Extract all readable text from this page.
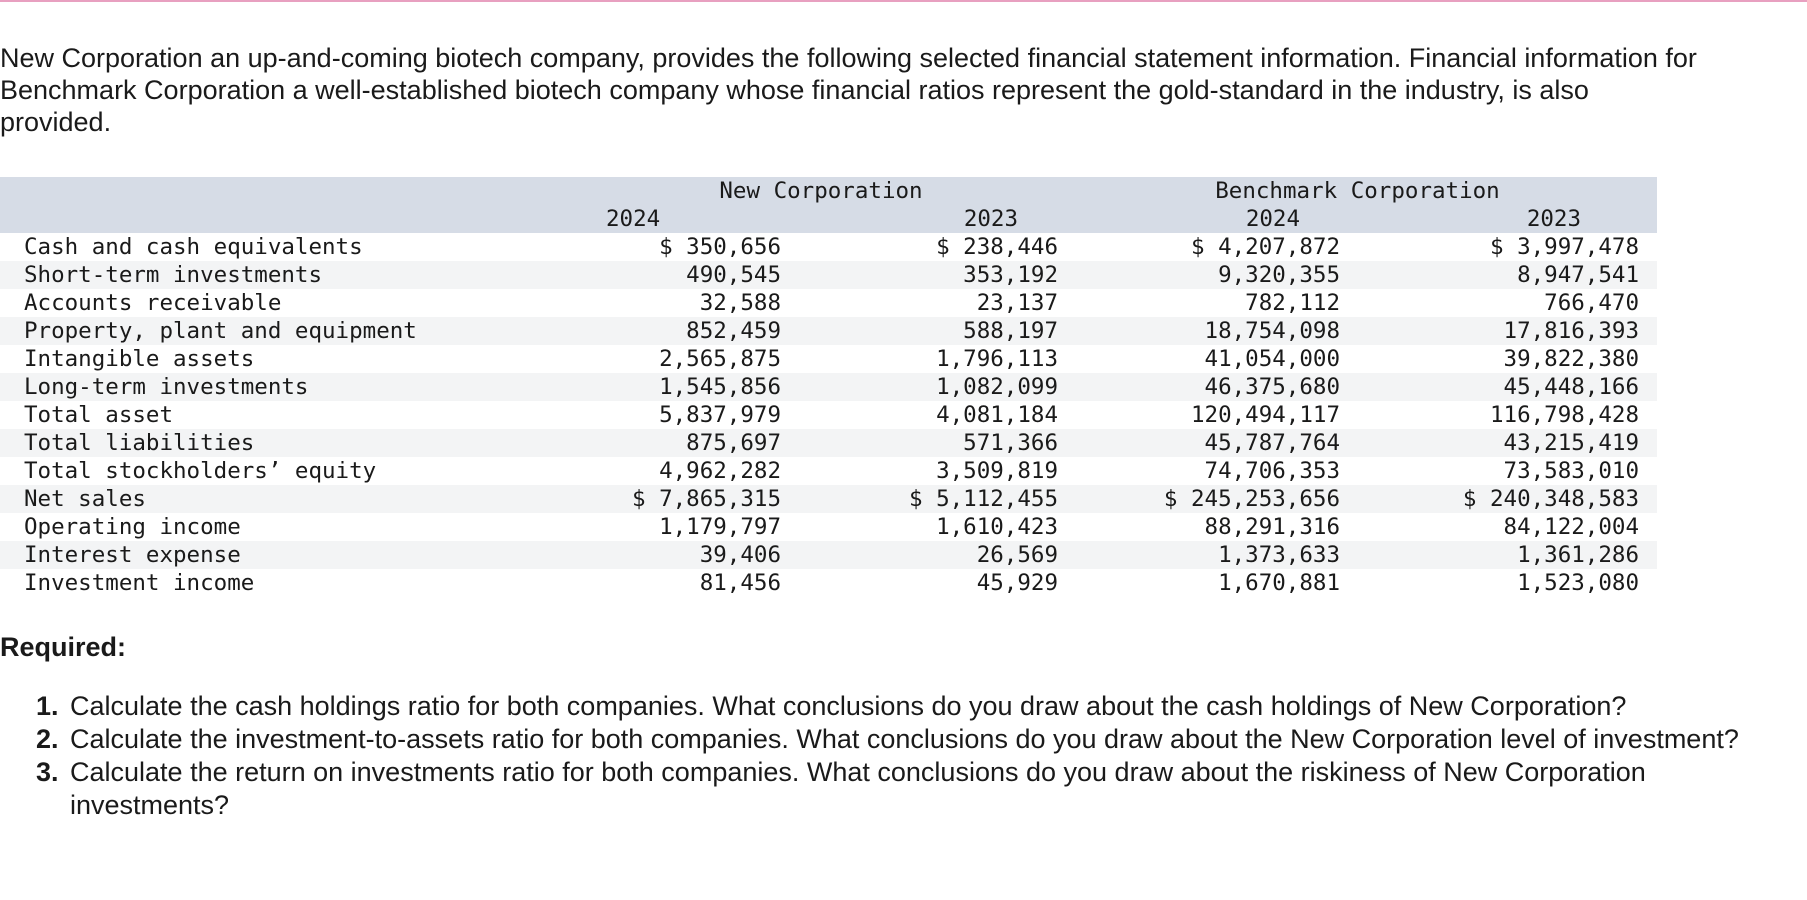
New Corporation an up-and-coming biotech company, provides the following selected financial statement information. Financial information for Benchmark Corporation a well-established biotech company whose financial ratios represent the gold-standard in the industry, is also provided.

	New Corporation		Benchmark Corporation	
	2024	2023	2024	2023
Cash and cash equivalents	$ 350,656	$ 238,446	$ 4,207,872	$ 3,997,478
Short-term investments	490,545	353,192	9,320,355	8,947,541
Accounts receivable	32,588	23,137	782,112	766,470
Property, plant and equipment	852,459	588,197	18,754,098	17,816,393
Intangible assets	2,565,875	1,796,113	41,054,000	39,822,380
Long-term investments	1,545,856	1,082,099	46,375,680	45,448,166
Total asset	5,837,979	4,081,184	120,494,117	116,798,428
Total liabilities	875,697	571,366	45,787,764	43,215,419
Total stockholders’ equity	4,962,282	3,509,819	74,706,353	73,583,010
Net sales	$ 7,865,315	$ 5,112,455	$ 245,253,656	$ 240,348,583
Operating income	1,179,797	1,610,423	88,291,316	84,122,004
Interest expense	39,406	26,569	1,373,633	1,361,286
Investment income	81,456	45,929	1,670,881	1,523,080

Required:

1. Calculate the cash holdings ratio for both companies. What conclusions do you draw about the cash holdings of New Corporation?
2. Calculate the investment-to-assets ratio for both companies. What conclusions do you draw about the New Corporation level of investment?
3. Calculate the return on investments ratio for both companies. What conclusions do you draw about the riskiness of New Corporation investments?
